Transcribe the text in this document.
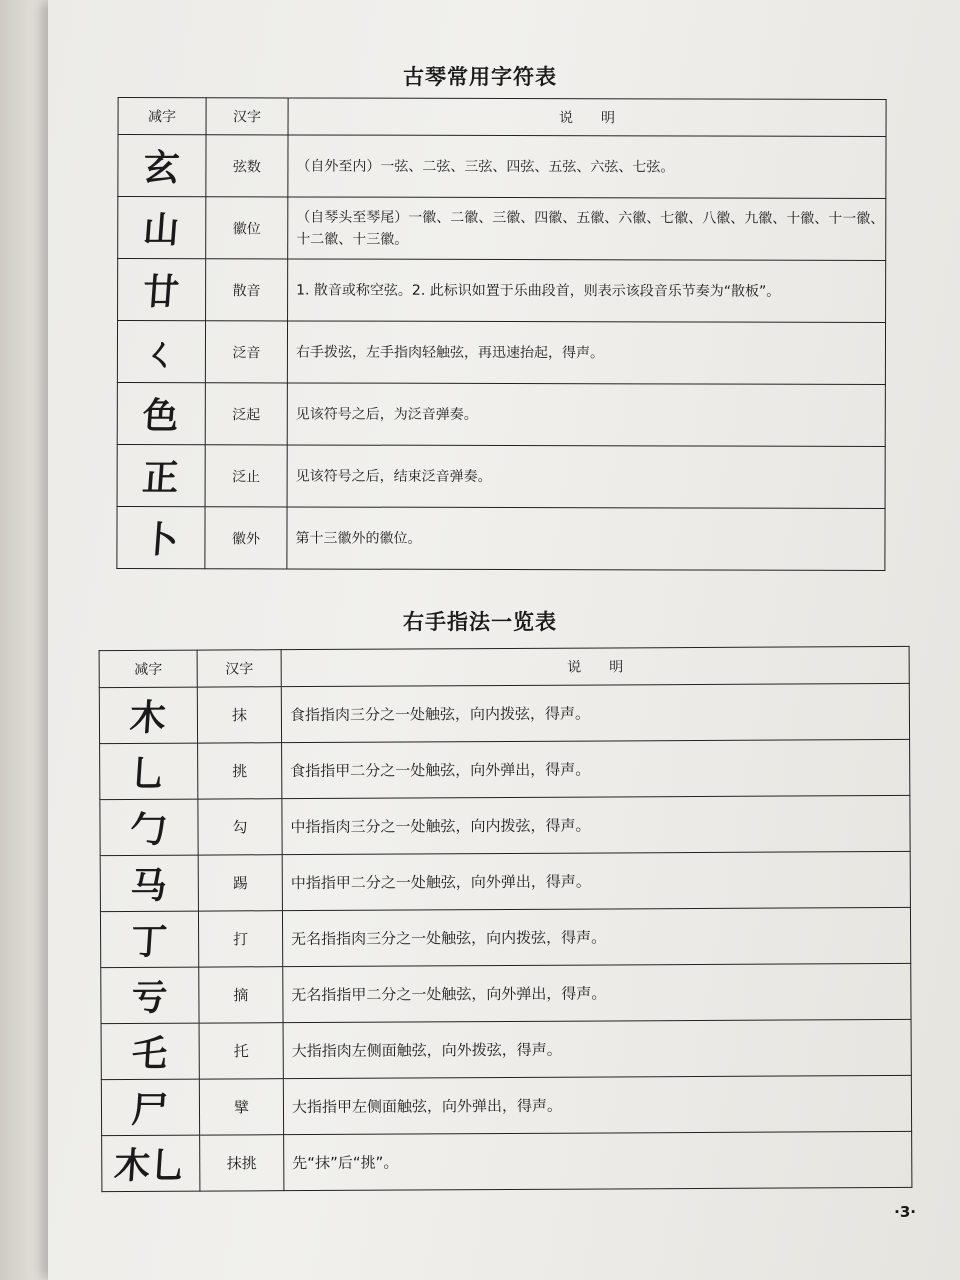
古琴常用字符表
减字	汉字	说　　明
玄	弦数	（自外至内）一弦、二弦、三弦、四弦、五弦、六弦、七弦。
山	徽位	（自琴头至琴尾）一徽、二徽、三徽、四徽、五徽、六徽、七徽、八徽、九徽、十徽、十一徽、十二徽、十三徽。
廿	散音	1. 散音或称空弦。2. 此标识如置于乐曲段首，则表示该段音乐节奏为“散板”。
ㄑ	泛音	右手拨弦，左手指肉轻触弦，再迅速抬起，得声。
色	泛起	见该符号之后，为泛音弹奏。
正	泛止	见该符号之后，结束泛音弹奏。
卜	徽外	第十三徽外的徽位。
右手指法一览表
减字	汉字	说　　明
木	抹	食指指肉三分之一处触弦，向内拨弦，得声。
乚	挑	食指指甲二分之一处触弦，向外弹出，得声。
勹	勾	中指指肉三分之一处触弦，向内拨弦，得声。
马	踢	中指指甲二分之一处触弦，向外弹出，得声。
丁	打	无名指指肉三分之一处触弦，向内拨弦，得声。
亏	摘	无名指指甲二分之一处触弦，向外弹出，得声。
乇	托	大指指肉左侧面触弦，向外拨弦，得声。
尸	擘	大指指甲左侧面触弦，向外弹出，得声。
木乚	抹挑	先“抹”后“挑”。
·3·
